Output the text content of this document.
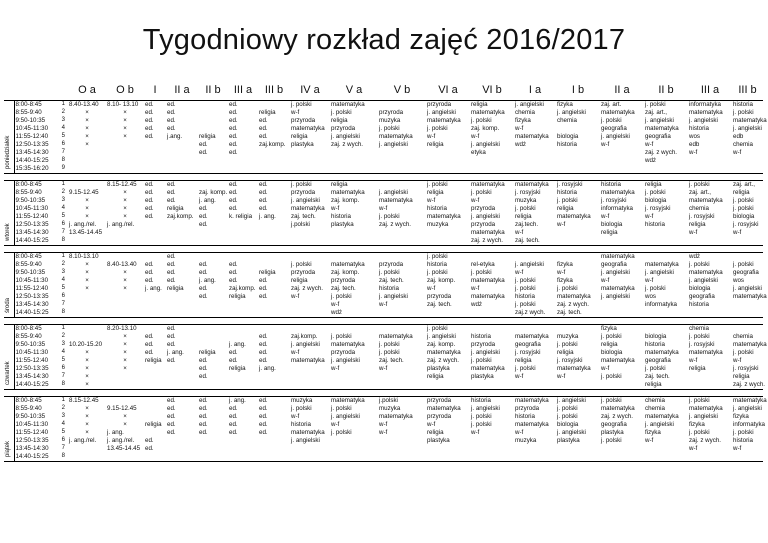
Tygodniowy rozkład zajęć 2016/2017
			O a	O b	I	II a	II b	III a	III b	IV a	V a	V b	VI a	VI b	I a	I b	II a	II b	III a	III b

poniedziałek	8:00-8:45	1	8.40-13.40	8.10- 13.10	ed.	ed.		ed.		j. polski	matematyka		przyroda	religia	j. angielski	fizyka	zaj. art.	j. polski	informatyka	historia
	8:55-9:40	2	×	×	ed.	ed.		ed.	religia	w-f	j. polski	przyroda	j. angielski	matematyka	chemia	j. angielski	matematyka	zaj. art.,	matematyka	j. polski
	9:50-10:35	3	×	×	ed.	ed.		ed.	ed.	przyroda	religia	muzyka	matematyka	j. polski	fizyka	chemia	j. polski	j. angielski	j. angielski	matematyka
	10:45-11:30	4	×	×	ed.	ed.		ed.	ed.	matematyka	przyroda	j. polski	j. polski	zaj. komp.	w-f		geografia	matematyka	historia	j. angielski
	11:55-12:40	5	×	×	ed.	j.ang.	religia	ed.	ed.	religia	j. angielski	matematyka	w-f	w-f	matematyka	biologia	j. angielski	geografia	wos	edb
	12:50-13:35	6	×				ed.	ed.	zaj.komp.	plastyka	zaj. z wych.	j. angielski	religia	j. angielski	wdż	historia	w-f	w-f	edb	chemia
	13:45-14:30	7					ed.	ed.						etyka				zaj. z wych.	w-f	w-f
	14:40-15:25	8																wdż		
	15:35-16:20	9																		

wtorek	8:00-8:45	1		8.15-12.45	ed.	ed.		ed.	ed.	j. polski	religia		j. polski	matematyka	matematyka	j. rosyjski	historia	religia	j. polski	zaj. art.,
	8:55-9:40	2	9.15-12.45	×	ed.	ed.	zaj. komp.	ed.	ed.	przyroda	matematyka	j. angielski	religia	j. polski	j. rosyjski	historia	matematyka	j. polski	zaj. art.,	religia
	9:50-10:35	3	×	×	ed.	ed.	j. ang.	ed.	ed.	j. angielski	zaj. komp.	matematyka	w-f	w-f	muzyka	j. polski	j. rosyjski	biologia	matematyka	j. polski
	10:45-11:30	4	×	×	ed.	religia	ed.	ed.	ed.	matematyka	w-f	w-f	historia	przyroda	j. polski	religia	informatyka	j. rosyjski	chemia	j. polski
	11:55-12:40	5	×	×	ed.	zaj.komp.	ed.	k. religia	j. ang.	zaj. tech.	historia	j. polski	matematyka	j. angielski	religia	matematyka	w-f	w-f	j. rosyjski	biologia
	12:50-13:35	6	j. ang./rel.	j. ang./rel.			ed.			j.polski	plastyka	zaj. z wych.	muzyka	przyroda	zaj.tech.	w-f	biologia	historia	religia	j. rosyjski
	13:45-14:30	7	13.45-14.45											matematyka	w-f		religia		w-f	w-f
	14:40-15:25	8												zaj. z wych.	zaj. tech.					

środa	8:00-8:45	1	8.10-13.10			ed.							j. polski				matematyka		wdż	
	8:55-9:40	2	×	8.40-13.40	ed.	ed.	ed.	ed.		j. polski	matematyka	przyroda	historia	rel-etyka	j. angielski	fizyka	geografia	matematyka	j. polski	j. polski
	9:50-10:35	3	×	×	ed.	ed.	ed.	ed.	religia	przyroda	zaj. komp.	j. polski	j. polski	j. polski	w-f	w-f	j. angielski	j. angielski	matematyka	geografia
	10:45-11:30	4	×	×	ed.	ed.	j. ang.	ed.	ed.	religia	przyroda	zaj. tech.	zaj. komp.	matematyka	j. polski	fizyka	w-f	w-f	j. angielski	wos
	11:55-12:40	5	×	×	j. ang.	religia	ed.	zaj.komp.	ed.	zaj. z wych.	zaj. tech.	historia	w-f	w-f	j. polski	j. polski	matematyka	j. polski	biologia	j. angielski
	12:50-13:35	6					ed.	religia	ed.	w-f	j. polski	j. angielski	przyroda	matematyka	historia	matematyka	j. angielski	wos	geografia	matematyka
	13:45-14:30	7									w-f	w-f	zaj. tech.	wdż	j. polski	zaj. z wych.		informatyka	historia	
	14:40-15:25	8									wdż				zaj.z wych.	zaj. tech.				

czwartek	8:00-8:45	1		8.20-13.10		ed.							j. polski				fizyka		chemia	
	8:55-9:40	2		×	ed.	ed.			ed.	zaj.komp.	j. polski	matematyka	j. angielski	historia	matematyka	muzyka	j. polski	biologia	j. polski	chemia
	9:50-10:35	3	10.20-15.20	×	ed.	ed.		j. ang.	ed.	j. angielski	matematyka	j. polski	zaj. komp.	przyroda	geografia	j. polski	religia	historia	j. rosyjski	matematyka
	10:45-11:30	4	×	×	ed.	j. ang.	religia	ed.	ed.	w-f	przyroda	j. polski	matematyka	j. angielski	j. rosyjski	religia	biologia	matematyka	matematyka	j. polski
	11:55-12:40	5	×	×	religia	ed.	ed.	ed.	ed.	matematyka	j. angielski	zaj. tech.	zaj. z wych.	j. polski	religia	j. rosyjski	matematyka	geografia	w-f	w-f
	12:50-13:35	6	×	×			ed.	religia	j. ang.		w-f	w-f	plastyka	matematyka	j. polski	matematyka	w-f	j. polski	religia	j. rosyjski
	13:45-14:30	7	×				ed.						religia	plastyka	w-f	w-f	j. polski	zaj. tech.		religia
	14:40-15:25	8	×															religia		zaj. z wych.

piątek	8:00-8:45	1	8.15-12.45			ed.	ed.	j. ang.	ed.	muzyka	matematyka	j.polski	przyroda	historia	matematyka	j. angielski	j. polski	chemia	j. polski	matematyka
	8:55-9:40	2	×	9.15-12.45		ed.	ed.	ed.	ed.	j. polski	j. polski	muzyka	matematyka	j. angielski	przyroda	j. polski	matematyka	chemia	matematyka	j. angielski
	9:50-10:35	3	×	×		ed.	ed.	ed.	ed.	w-f	j. angielski	matematyka	przyroda	j. polski	historia	j. polski	zaj. z wych.	matematyka	j. angielski	fizyka
	10:45-11:30	4	×	×	religia	ed.	ed.	ed.	ed.	historia	w-f	w-f	w-f	j. polski	matematyka	biologia	geografia	j. angielski	fizyka	informatyka
	11:55-12:40	5	×	j. ang.		ed.	ed.	ed.	ed.	matematyka	j. polski	w-f	religia	w-f	w-f	j. angielski	plastyka	fizyka	j. polski	j. polski
	12:50-13:35	6	j. ang./rel.	j. ang./rel.	ed.					j. angielski			plastyka		muzyka	plastyka	j. polski	w-f	zaj. z wych.	historia
	13:45-14:30	7		13.45-14.45	ed.														w-f	w-f
	14:40-15:25	8																		
